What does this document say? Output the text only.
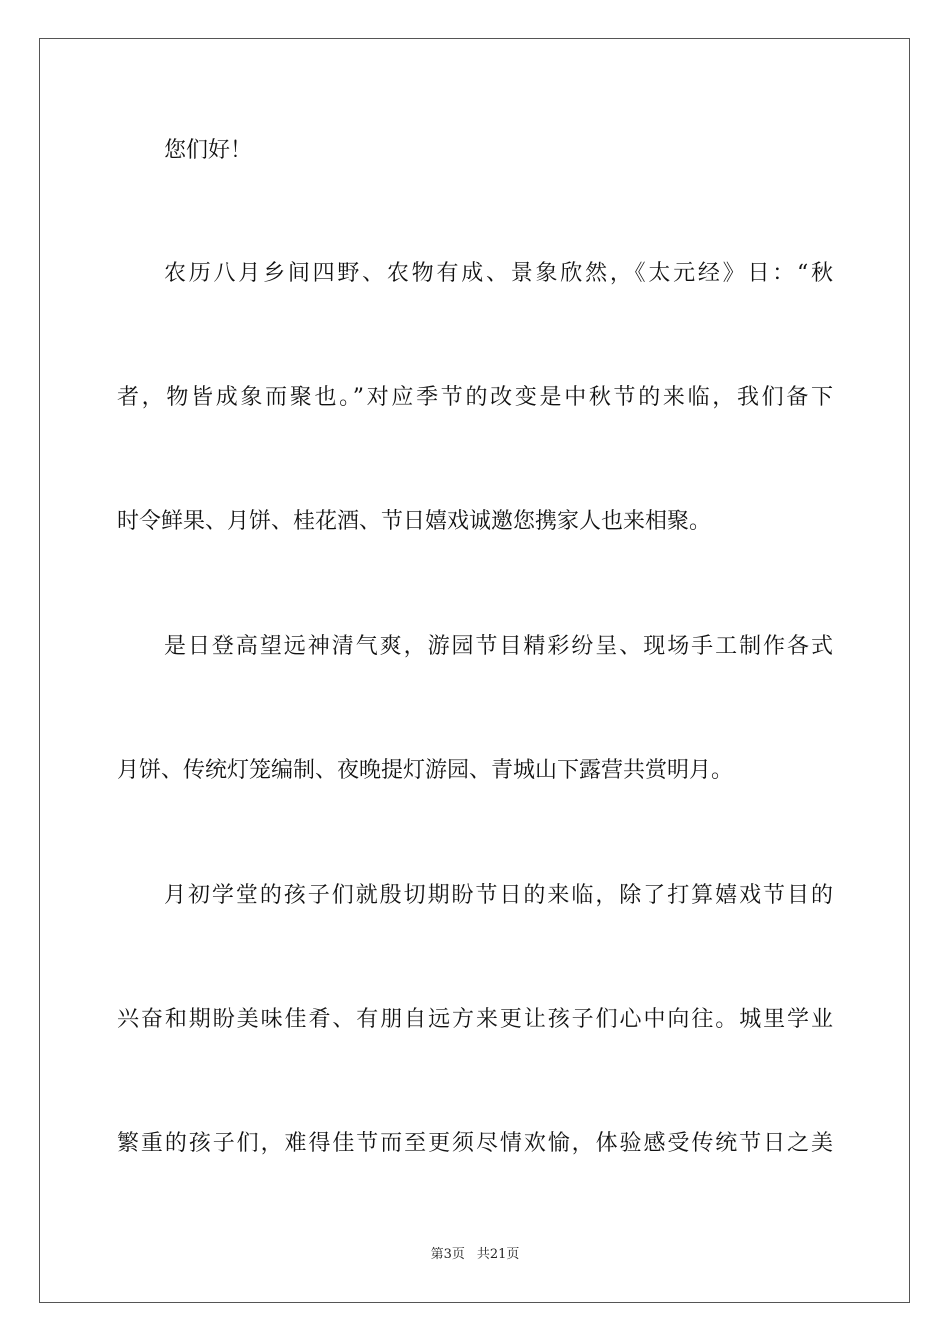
您们好！
农历八月乡间四野、农物有成、景象欣然，《太元经》日：“秋
者，物皆成象而聚也。”对应季节的改变是中秋节的来临，我们备下
时令鲜果、月饼、桂花酒、节日嬉戏诚邀您携家人也来相聚。
是日登高望远神清气爽，游园节目精彩纷呈、现场手工制作各式
月饼、传统灯笼编制、夜晚提灯游园、青城山下露营共赏明月。
月初学堂的孩子们就殷切期盼节日的来临，除了打算嬉戏节目的
兴奋和期盼美味佳肴、有朋自远方来更让孩子们心中向往。城里学业
繁重的孩子们，难得佳节而至更须尽情欢愉，体验感受传统节日之美
第3页 共21页
